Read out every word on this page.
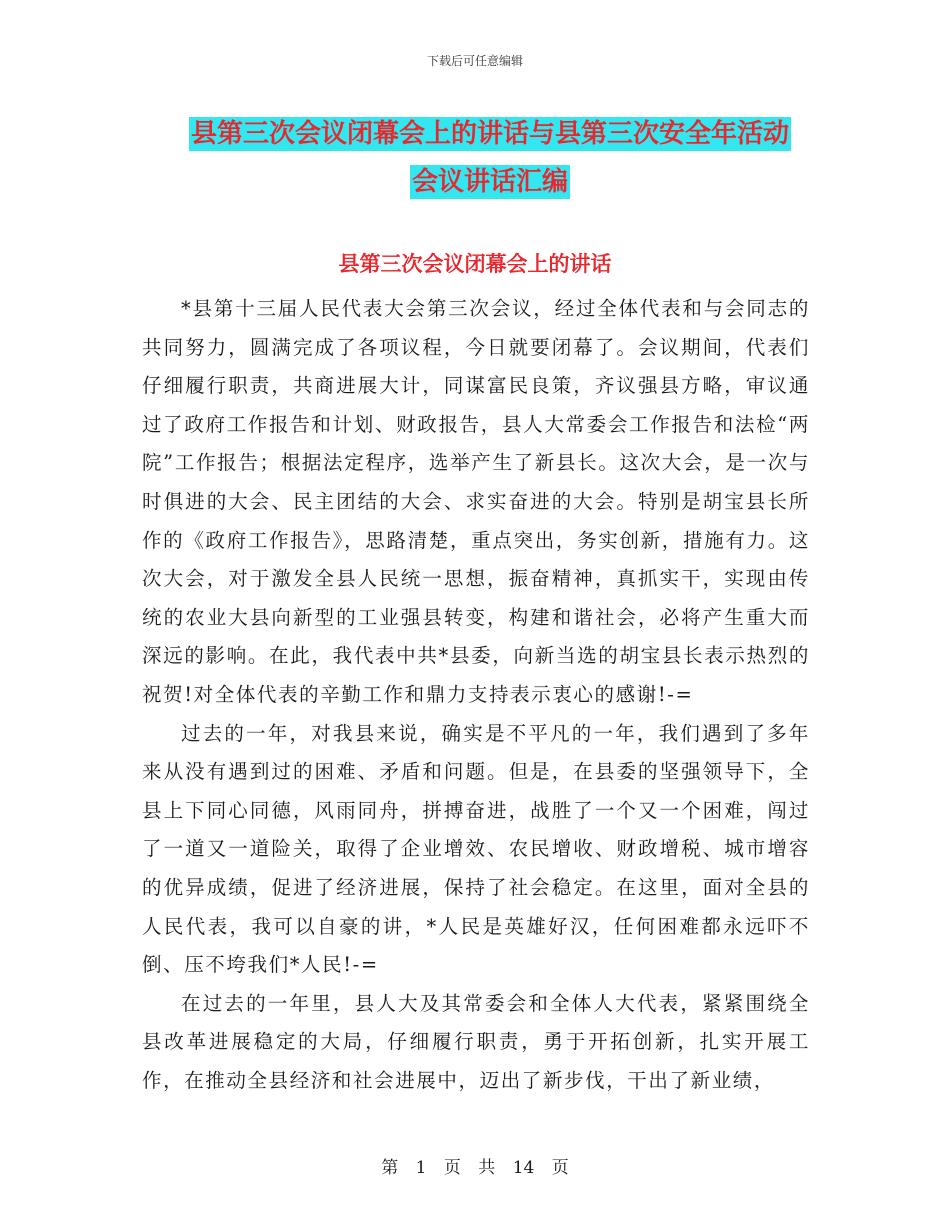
下载后可任意编辑
县第三次会议闭幕会上的讲话与县第三次安全年活动
会议讲话汇编
县第三次会议闭幕会上的讲话

*县第十三届人民代表大会第三次会议，经过全体代表和与会同志的共同努力，圆满完成了各项议程，今日就要闭幕了。会议期间，代表们仔细履行职责，共商进展大计，同谋富民良策，齐议强县方略，审议通过了政府工作报告和计划、财政报告，县人大常委会工作报告和法检“两院”工作报告；根据法定程序，选举产生了新县长。这次大会，是一次与时俱进的大会、民主团结的大会、求实奋进的大会。特别是胡宝县长所作的《政府工作报告》，思路清楚，重点突出，务实创新，措施有力。这次大会，对于激发全县人民统一思想，振奋精神，真抓实干，实现由传统的农业大县向新型的工业强县转变，构建和谐社会，必将产生重大而深远的影响。在此，我代表中共*县委，向新当选的胡宝县长表示热烈的祝贺!对全体代表的辛勤工作和鼎力支持表示衷心的感谢!-=

过去的一年，对我县来说，确实是不平凡的一年，我们遇到了多年来从没有遇到过的困难、矛盾和问题。但是，在县委的坚强领导下，全县上下同心同德，风雨同舟，拼搏奋进，战胜了一个又一个困难，闯过了一道又一道险关，取得了企业增效、农民增收、财政增税、城市增容的优异成绩，促进了经济进展，保持了社会稳定。在这里，面对全县的人民代表，我可以自豪的讲，*人民是英雄好汉，任何困难都永远吓不倒、压不垮我们*人民!-=

在过去的一年里，县人大及其常委会和全体人大代表，紧紧围绕全县改革进展稳定的大局，仔细履行职责，勇于开拓创新，扎实开展工作，在推动全县经济和社会进展中，迈出了新步伐，干出了新业绩，

第 1 页 共 14 页
